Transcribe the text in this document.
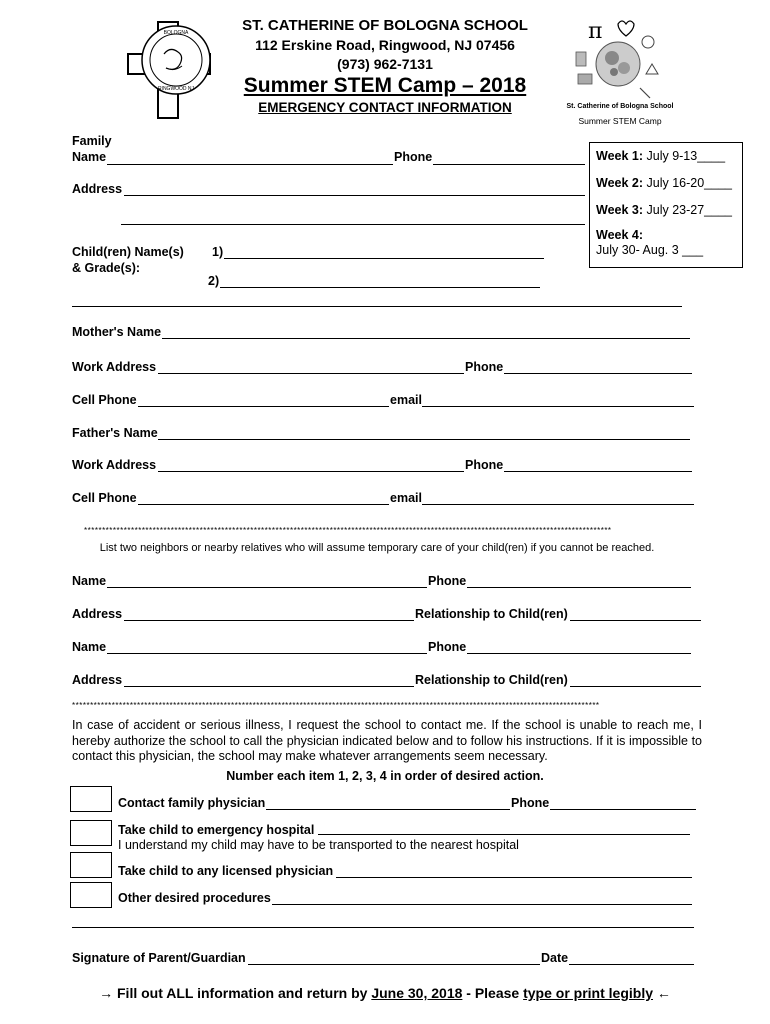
BOLOGNA
RINGWOOD NJ
ST. CATHERINE OF BOLOGNA SCHOOL
112 Erskine Road, Ringwood, NJ 07456
(973) 962-7131
Summer STEM Camp – 2018
EMERGENCY CONTACT INFORMATION
π
St. Catherine of Bologna School
Summer STEM Camp
Week 1: July 9-13____
Week 2: July 16-20____
Week 3: July 23-27____
Week 4:
July 30- Aug. 3 ___
Family
Name	Phone
Address
Child(ren) Name(s)
& Grade(s):
1)
2)
Mother's Name
Work Address	Phone
Cell Phone	email
Father's Name
Work Address	Phone
Cell Phone	email
**************************************************************************************************************************************************
List two neighbors or nearby relatives who will assume temporary care of your child(ren) if you cannot be reached.
Name	Phone
Address	Relationship to Child(ren)
Name	Phone
Address	Relationship to Child(ren)
**************************************************************************************************************************************************
In case of accident or serious illness, I request the school to contact me. If the school is unable to reach me, I hereby authorize the school to call the physician indicated below and to follow his instructions. If it is impossible to contact this physician, the school may make whatever arrangements seem necessary.
Number each item 1, 2, 3, 4 in order of desired action.
Contact family physician	Phone
Take child to emergency hospital
I understand my child may have to be transported to the nearest hospital
Take child to any licensed physician
Other desired procedures
Signature of Parent/Guardian	Date
→ Fill out ALL information and return by June 30, 2018 - Please type or print legibly ←
